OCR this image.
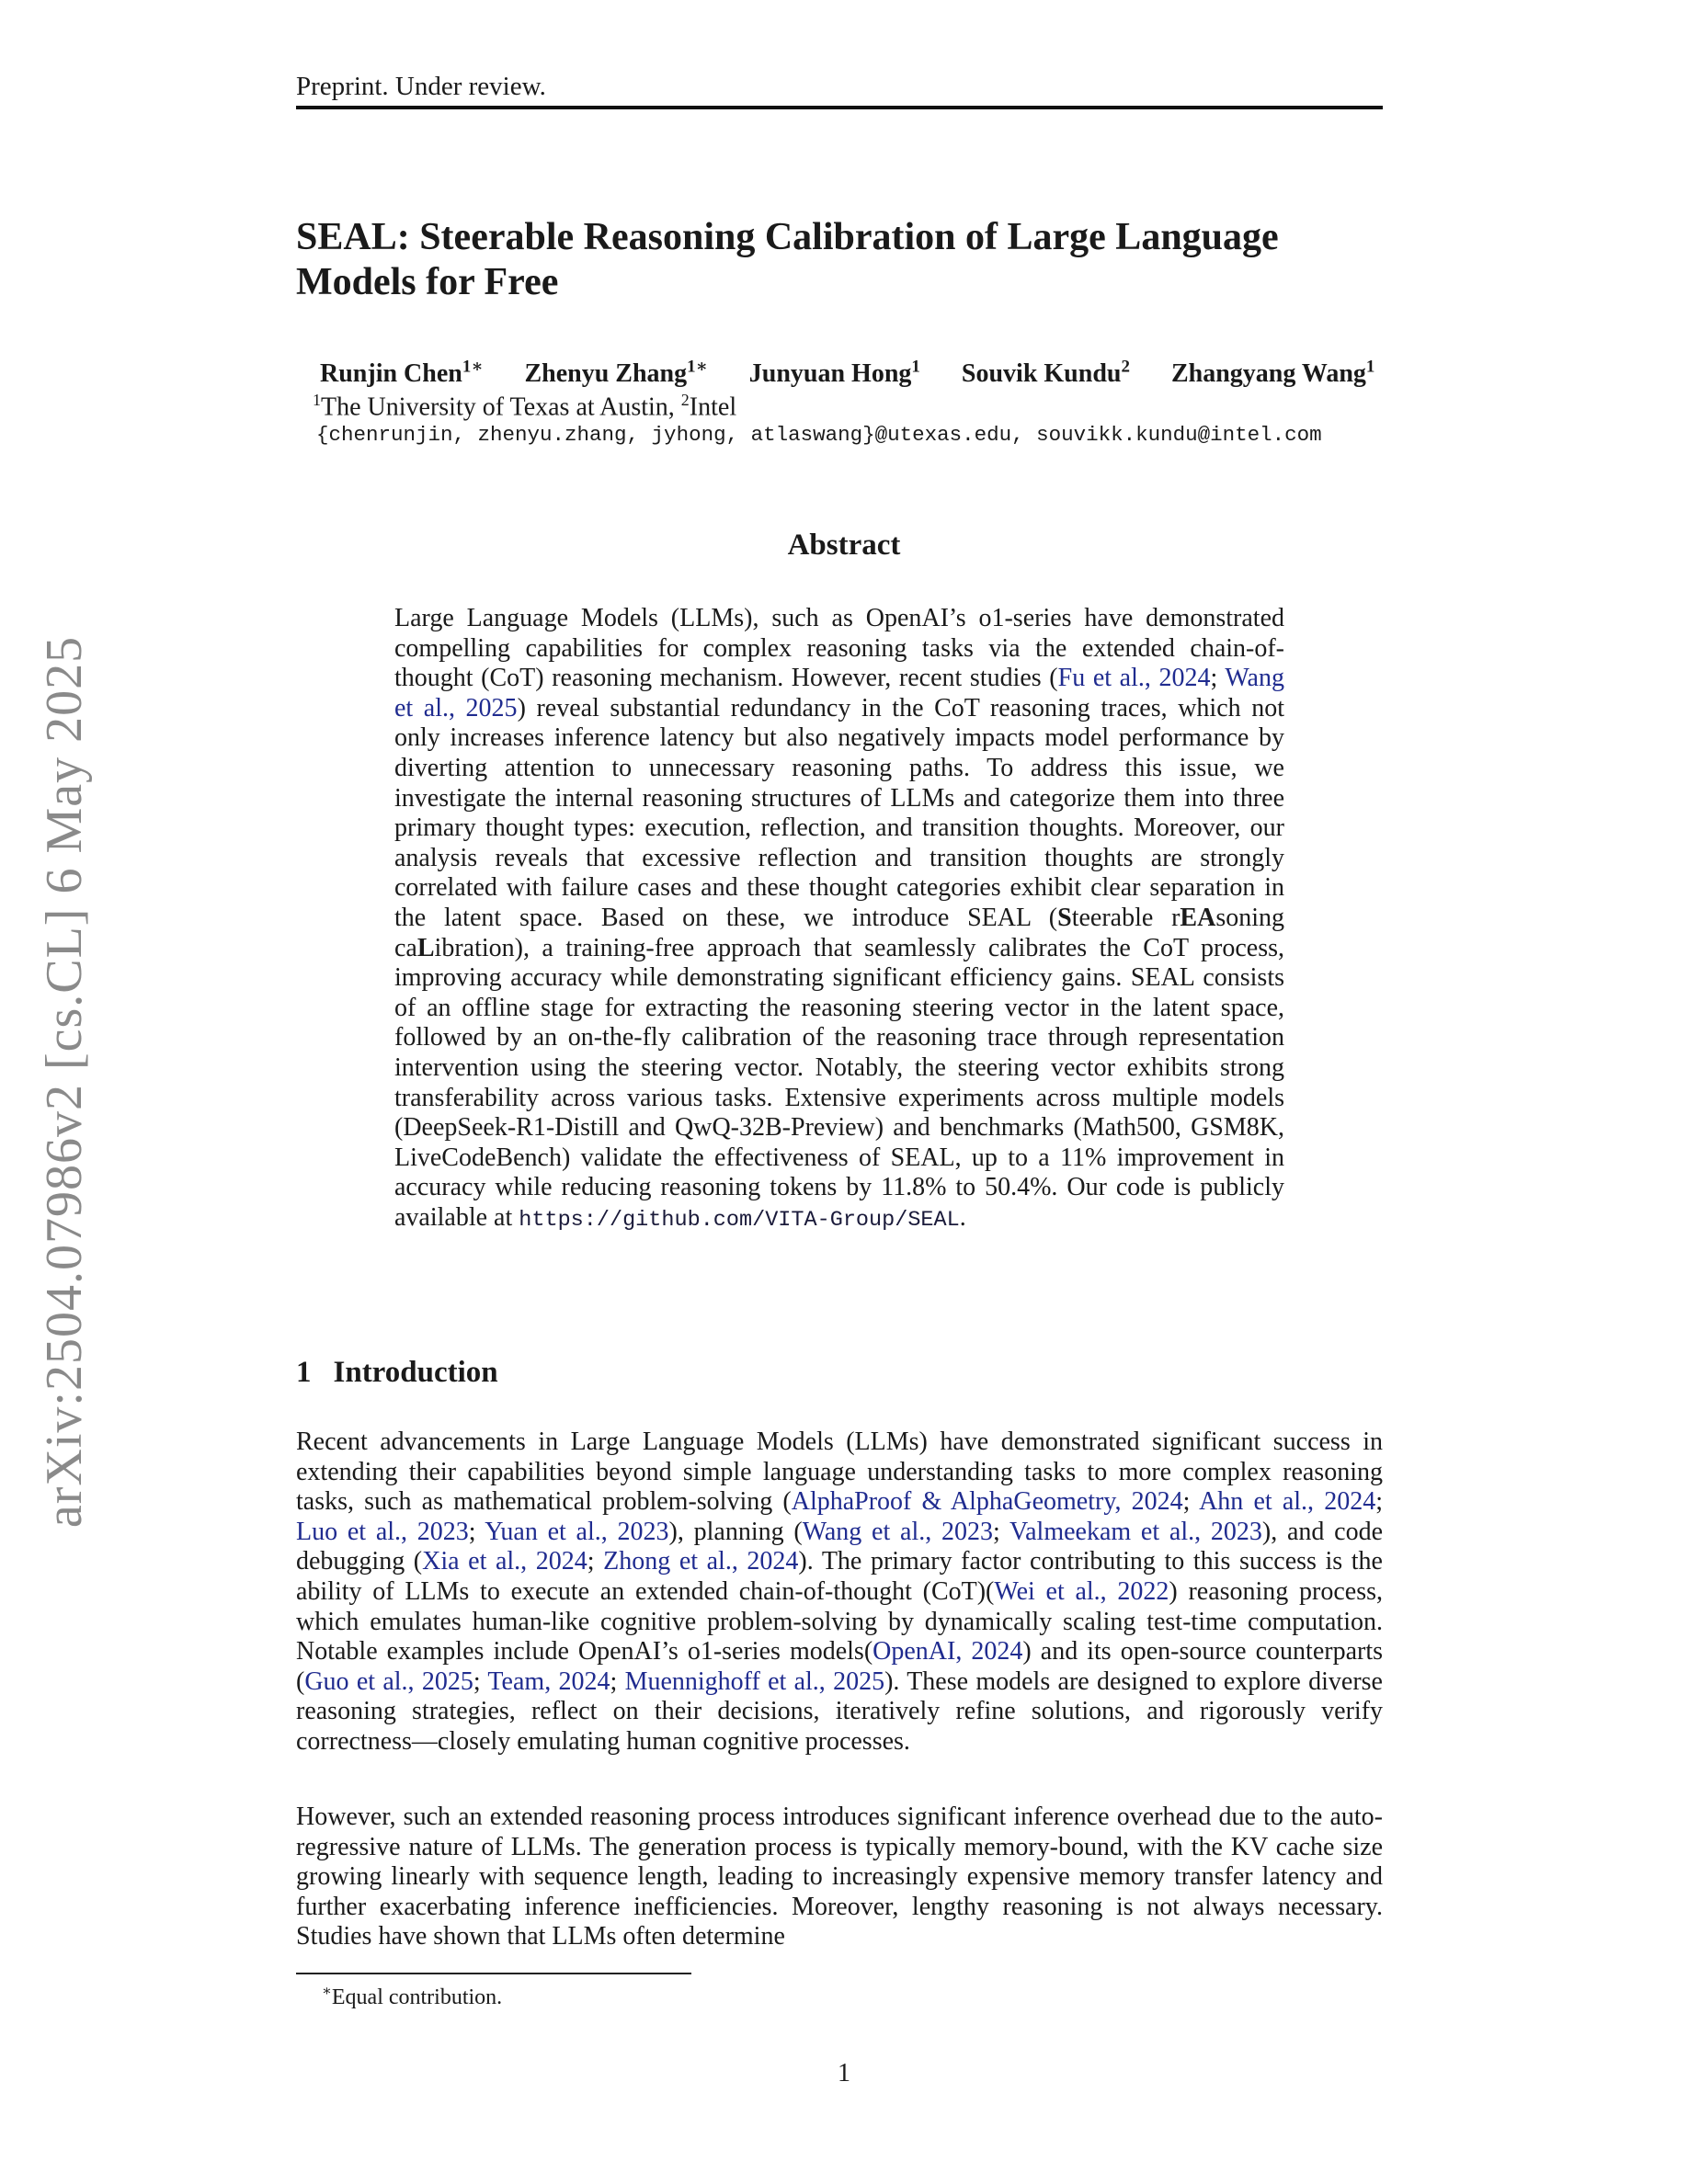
Preprint. Under review.
arXiv:2504.07986v2 [cs.CL] 6 May 2025
SEAL: Steerable Reasoning Calibration of Large Language Models for Free
Runjin Chen$^{1∗}$ Zhenyu Zhang$^{1∗}$ Junyuan Hong$^1$ Souvik Kundu$^2$ Zhangyang Wang$^1$
$^1$The University of Texas at Austin, $^2$Intel
{chenrunjin, zhenyu.zhang, jyhong, atlaswang}@utexas.edu, souvikk.kundu@intel.com
Abstract
Large Language Models (LLMs), such as OpenAI’s o1-series have demonstrated compelling capabilities for complex reasoning tasks via the extended chain-of-thought (CoT) reasoning mechanism. However, recent studies (Fu et al., 2024; Wang et al., 2025) reveal substantial redundancy in the CoT reasoning traces, which not only increases inference latency but also negatively impacts model performance by diverting attention to unnecessary reasoning paths. To address this issue, we investigate the internal reasoning structures of LLMs and categorize them into three primary thought types: execution, reflection, and transition thoughts. Moreover, our analysis reveals that excessive reflection and transition thoughts are strongly correlated with failure cases and these thought categories exhibit clear separation in the latent space. Based on these, we introduce SEAL (Steerable rEAsoning caLibration), a training-free approach that seamlessly calibrates the CoT process, improving accuracy while demonstrating significant efficiency gains. SEAL consists of an offline stage for extracting the reasoning steering vector in the latent space, followed by an on-the-fly calibration of the reasoning trace through representation intervention using the steering vector. Notably, the steering vector exhibits strong transferability across various tasks. Extensive experiments across multiple models (DeepSeek-R1-Distill and QwQ-32B-Preview) and benchmarks (Math500, GSM8K, LiveCodeBench) validate the effectiveness of SEAL, up to a 11% improvement in accuracy while reducing reasoning tokens by 11.8% to 50.4%. Our code is publicly available at https://github.com/VITA-Group/SEAL.
1 Introduction
Recent advancements in Large Language Models (LLMs) have demonstrated significant success in extending their capabilities beyond simple language understanding tasks to more complex reasoning tasks, such as mathematical problem-solving (AlphaProof & AlphaGeometry, 2024; Ahn et al., 2024; Luo et al., 2023; Yuan et al., 2023), planning (Wang et al., 2023; Valmeekam et al., 2023), and code debugging (Xia et al., 2024; Zhong et al., 2024). The primary factor contributing to this success is the ability of LLMs to execute an extended chain-of-thought (CoT)(Wei et al., 2022) reasoning process, which emulates human-like cognitive problem-solving by dynamically scaling test-time computation. Notable examples include OpenAI’s o1-series models(OpenAI, 2024) and its open-source counterparts (Guo et al., 2025; Team, 2024; Muennighoff et al., 2025). These models are designed to explore diverse reasoning strategies, reflect on their decisions, iteratively refine solutions, and rigorously verify correctness—closely emulating human cognitive processes.
However, such an extended reasoning process introduces significant inference overhead due to the auto-regressive nature of LLMs. The generation process is typically memory-bound, with the KV cache size growing linearly with sequence length, leading to increasingly expensive memory transfer latency and further exacerbating inference inefficiencies. Moreover, lengthy reasoning is not always necessary. Studies have shown that LLMs often determine
∗Equal contribution.
1
